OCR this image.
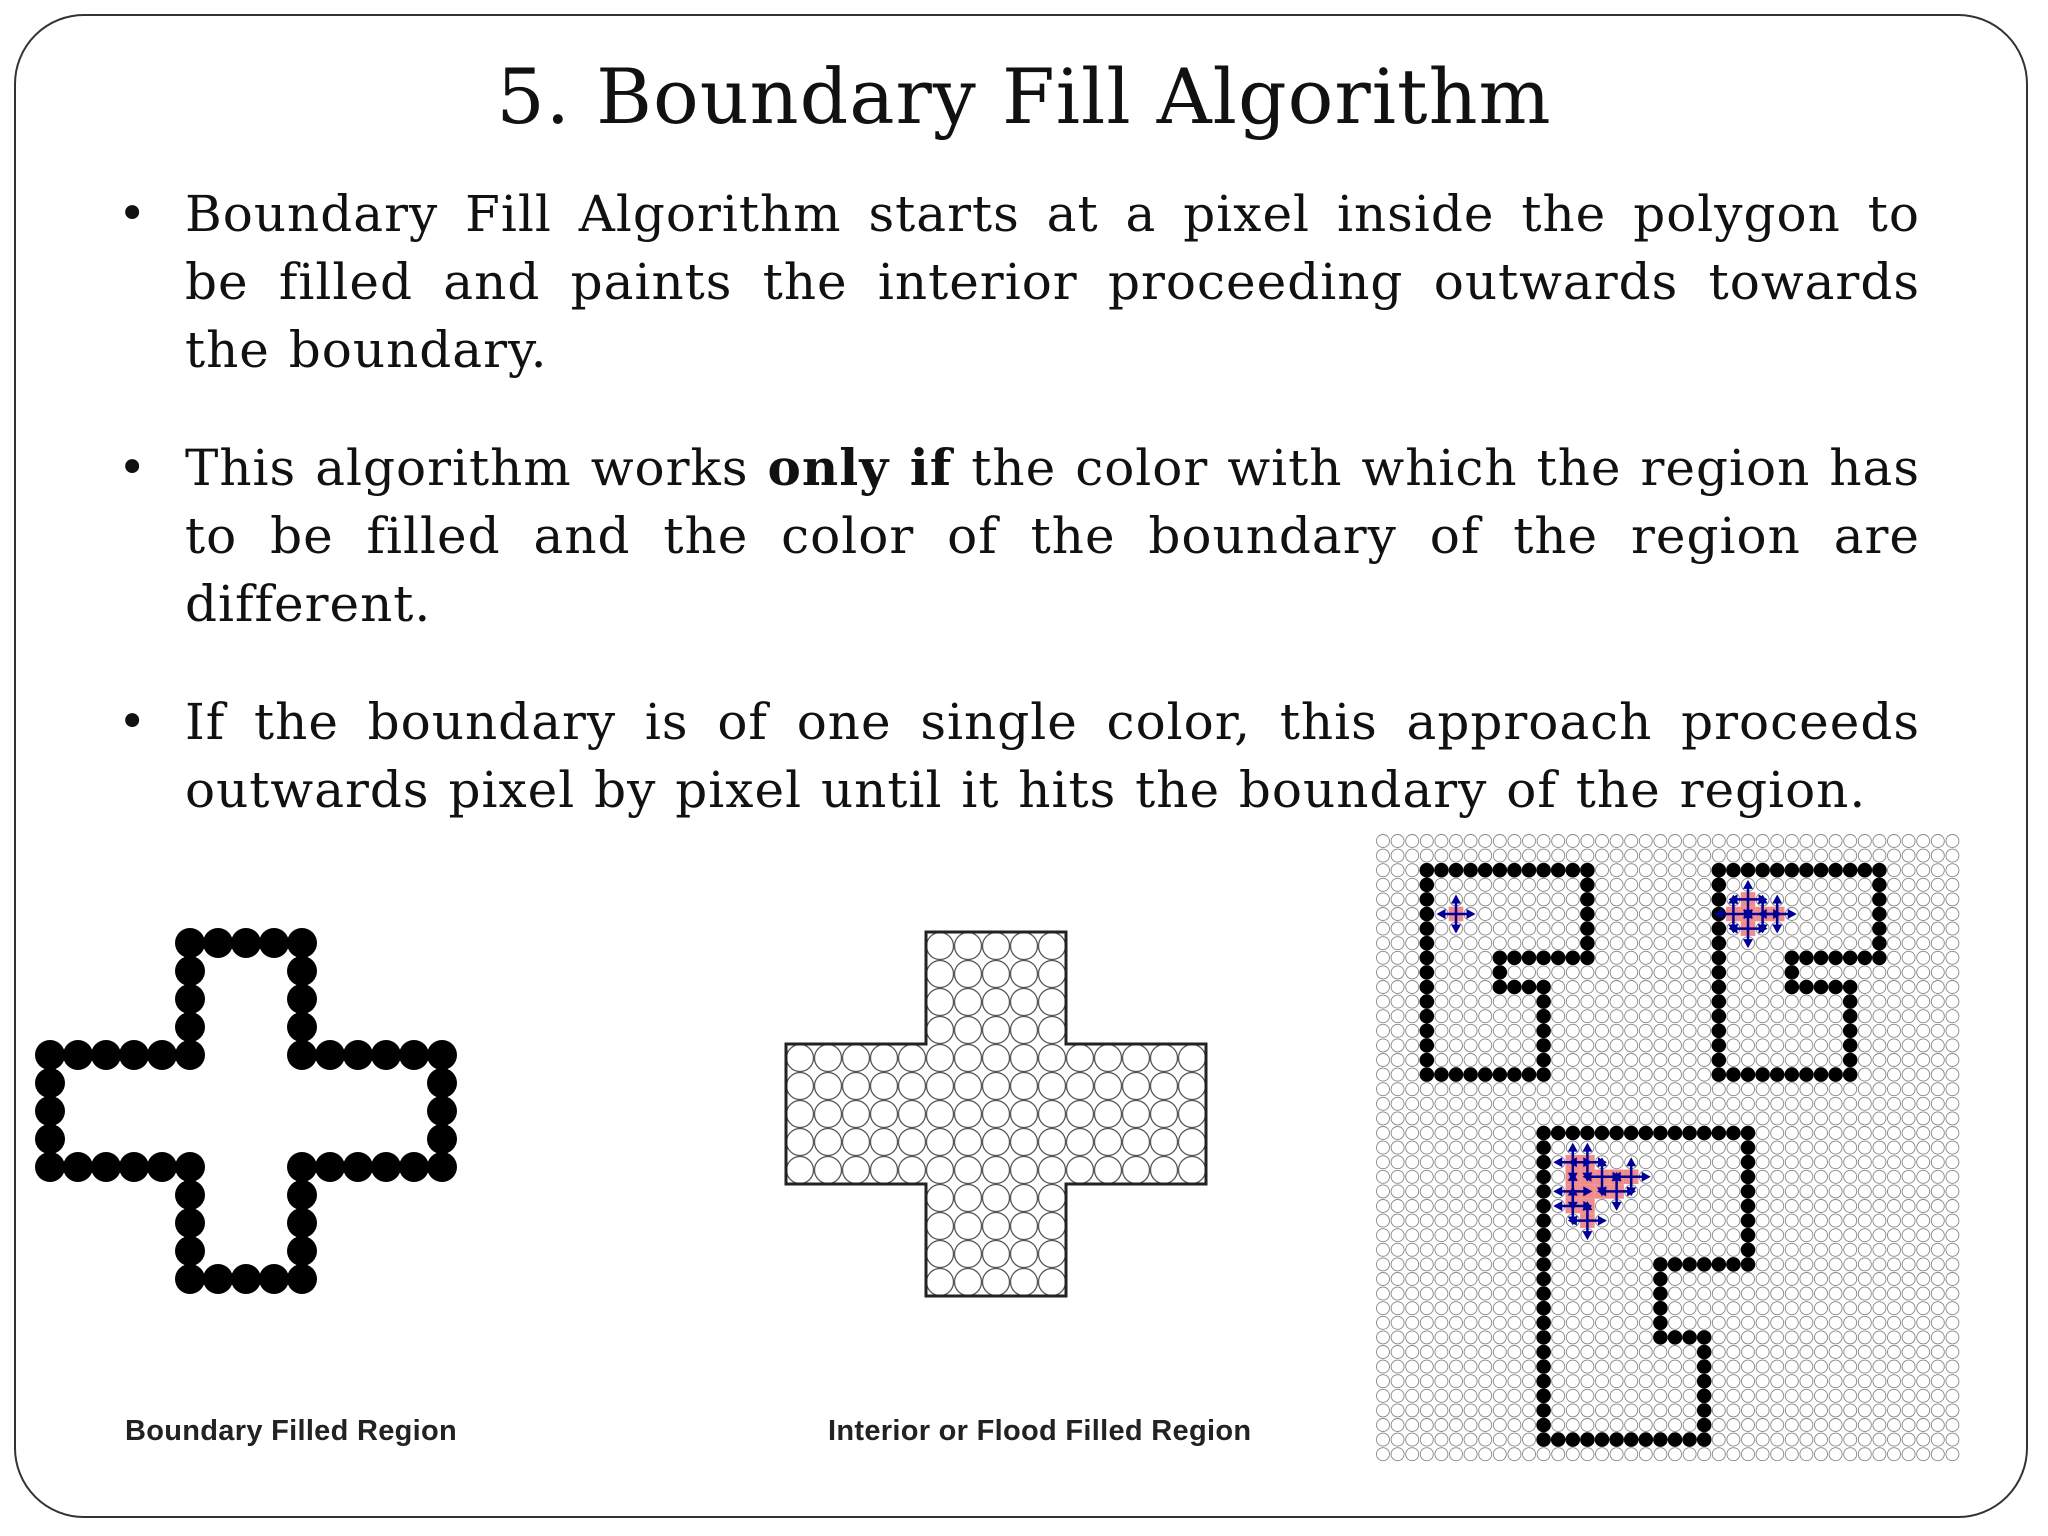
5. Boundary Fill Algorithm
• Boundary Fill Algorithm starts at a pixel inside the polygon to be filled and paints the interior proceeding outwards towards the boundary.
• This algorithm works only if the color with which the region has to be filled and the color of the boundary of the region are different.
• If the boundary is of one single color, this approach proceeds outwards pixel by pixel until it hits the boundary of the region.
Boundary Filled Region	Interior or Flood Filled Region
